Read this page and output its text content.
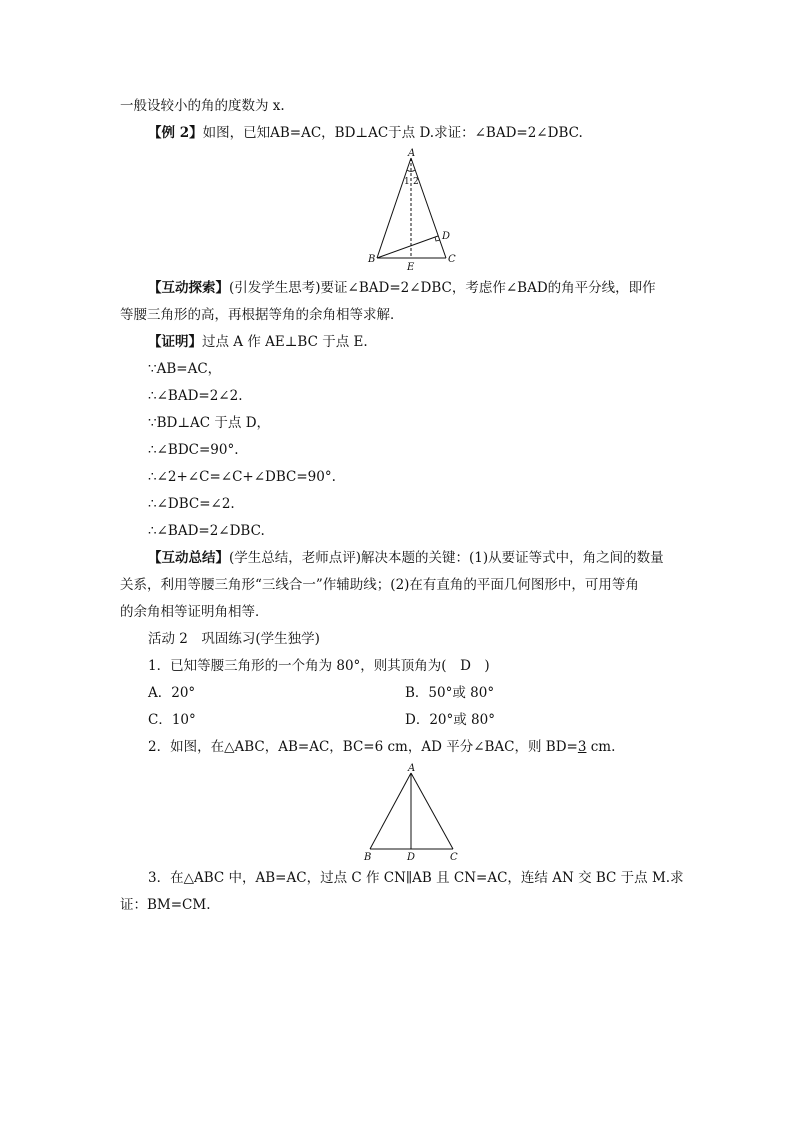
一般设较小的角的度数为 x.
【例 2】如图，已知AB=AC，BD⊥AC于点 D.求证：∠BAD=2∠DBC.
A
1 2
D
B	C
E
【互动探索】(引发学生思考)要证∠BAD=2∠DBC，考虑作∠BAD的角平分线，即作
等腰三角形的高，再根据等角的余角相等求解．
【证明】过点 A 作 AE⊥BC 于点 E.
∵AB=AC，
∴∠BAD=2∠2.
∵BD⊥AC 于点 D，
∴∠BDC=90°.
∴∠2+∠C=∠C+∠DBC=90°.
∴∠DBC=∠2.
∴∠BAD=2∠DBC.
【互动总结】(学生总结，老师点评)解决本题的关键：(1)从要证等式中，角之间的数量
关系，利用等腰三角形“三线合一”作辅助线；(2)在有直角的平面几何图形中，可用等角
的余角相等证明角相等．
活动 2　巩固练习(学生独学)
1．已知等腰三角形的一个角为 80°，则其顶角为(　D　)
A．20°	B．50°或 80°
C．10°	D．20°或 80°
2．如图，在△ABC，AB=AC，BC=6 cm，AD 平分∠BAC，则 BD=3 cm.
A
B	D	C
3．在△ABC 中，AB=AC，过点 C 作 CN∥AB 且 CN=AC，连结 AN 交 BC 于点 M.求
证：BM=CM.
